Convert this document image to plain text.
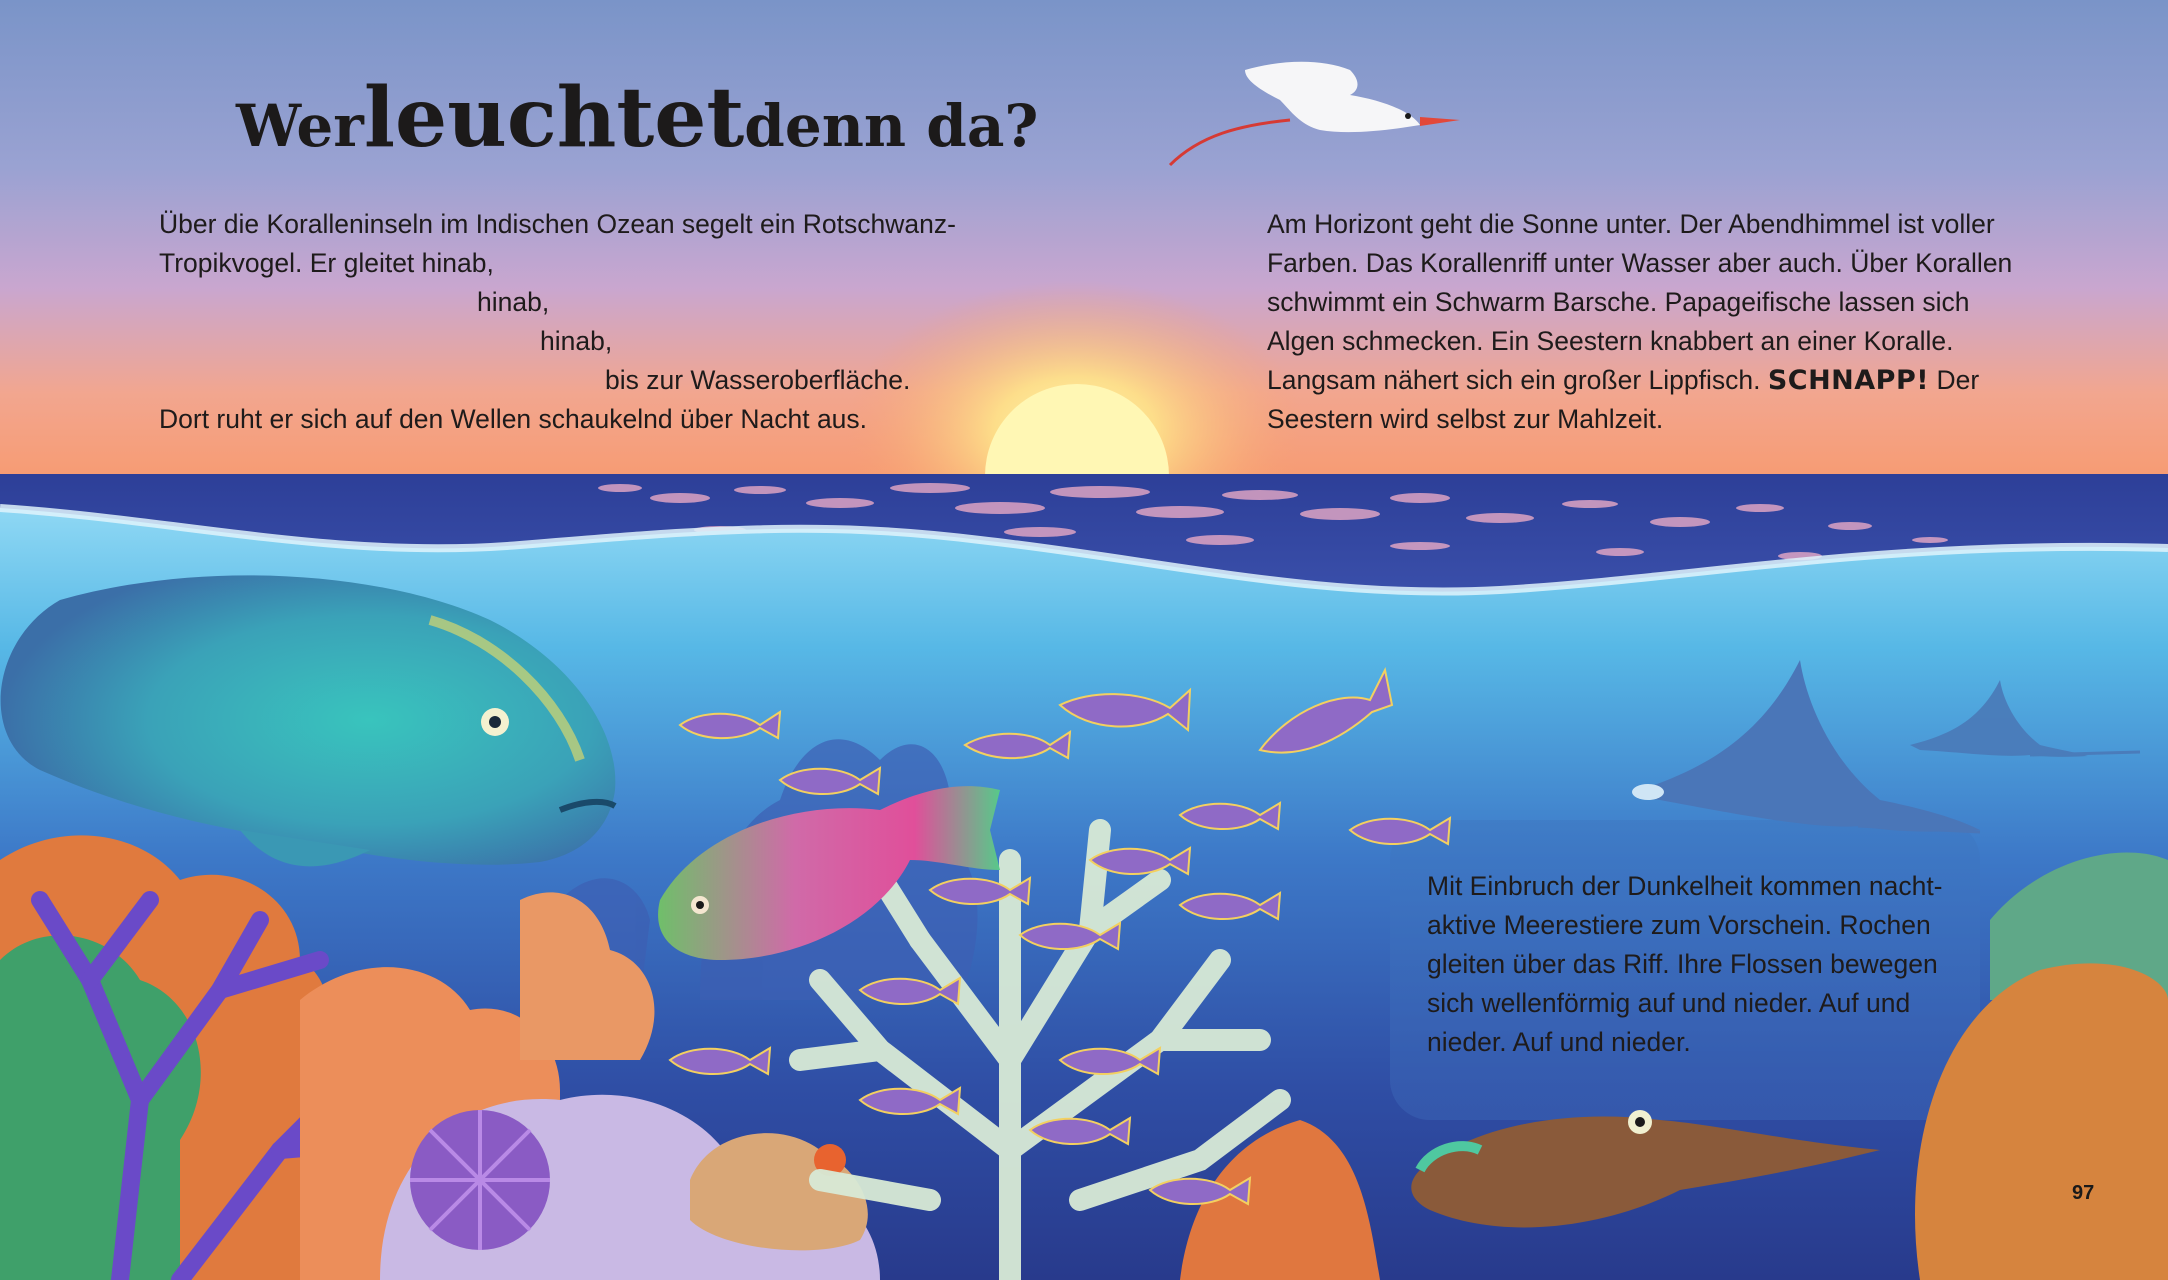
Werleuchtetdenn da?
Über die Koralleninseln im Indischen Ozean segelt ein Rotschwanz-
Tropikvogel. Er gleitet hinab,
hinab,
hinab,
bis zur Wasseroberfläche.
Dort ruht er sich auf den Wellen schaukelnd über Nacht aus.
Am Horizont geht die Sonne unter. Der Abendhimmel ist voller
Farben. Das Korallenriff unter Wasser aber auch. Über Korallen
schwimmt ein Schwarm Barsche. Papageifische lassen sich
Algen schmecken. Ein Seestern knabbert an einer Koralle.
Langsam nähert sich ein großer Lippfisch. SCHNAPP! Der
Seestern wird selbst zur Mahlzeit.
Mit Einbruch der Dunkelheit kommen nacht-
aktive Meerestiere zum Vorschein. Rochen
gleiten über das Riff. Ihre Flossen bewegen
sich wellenförmig auf und nieder. Auf und
nieder. Auf und nieder.
97
